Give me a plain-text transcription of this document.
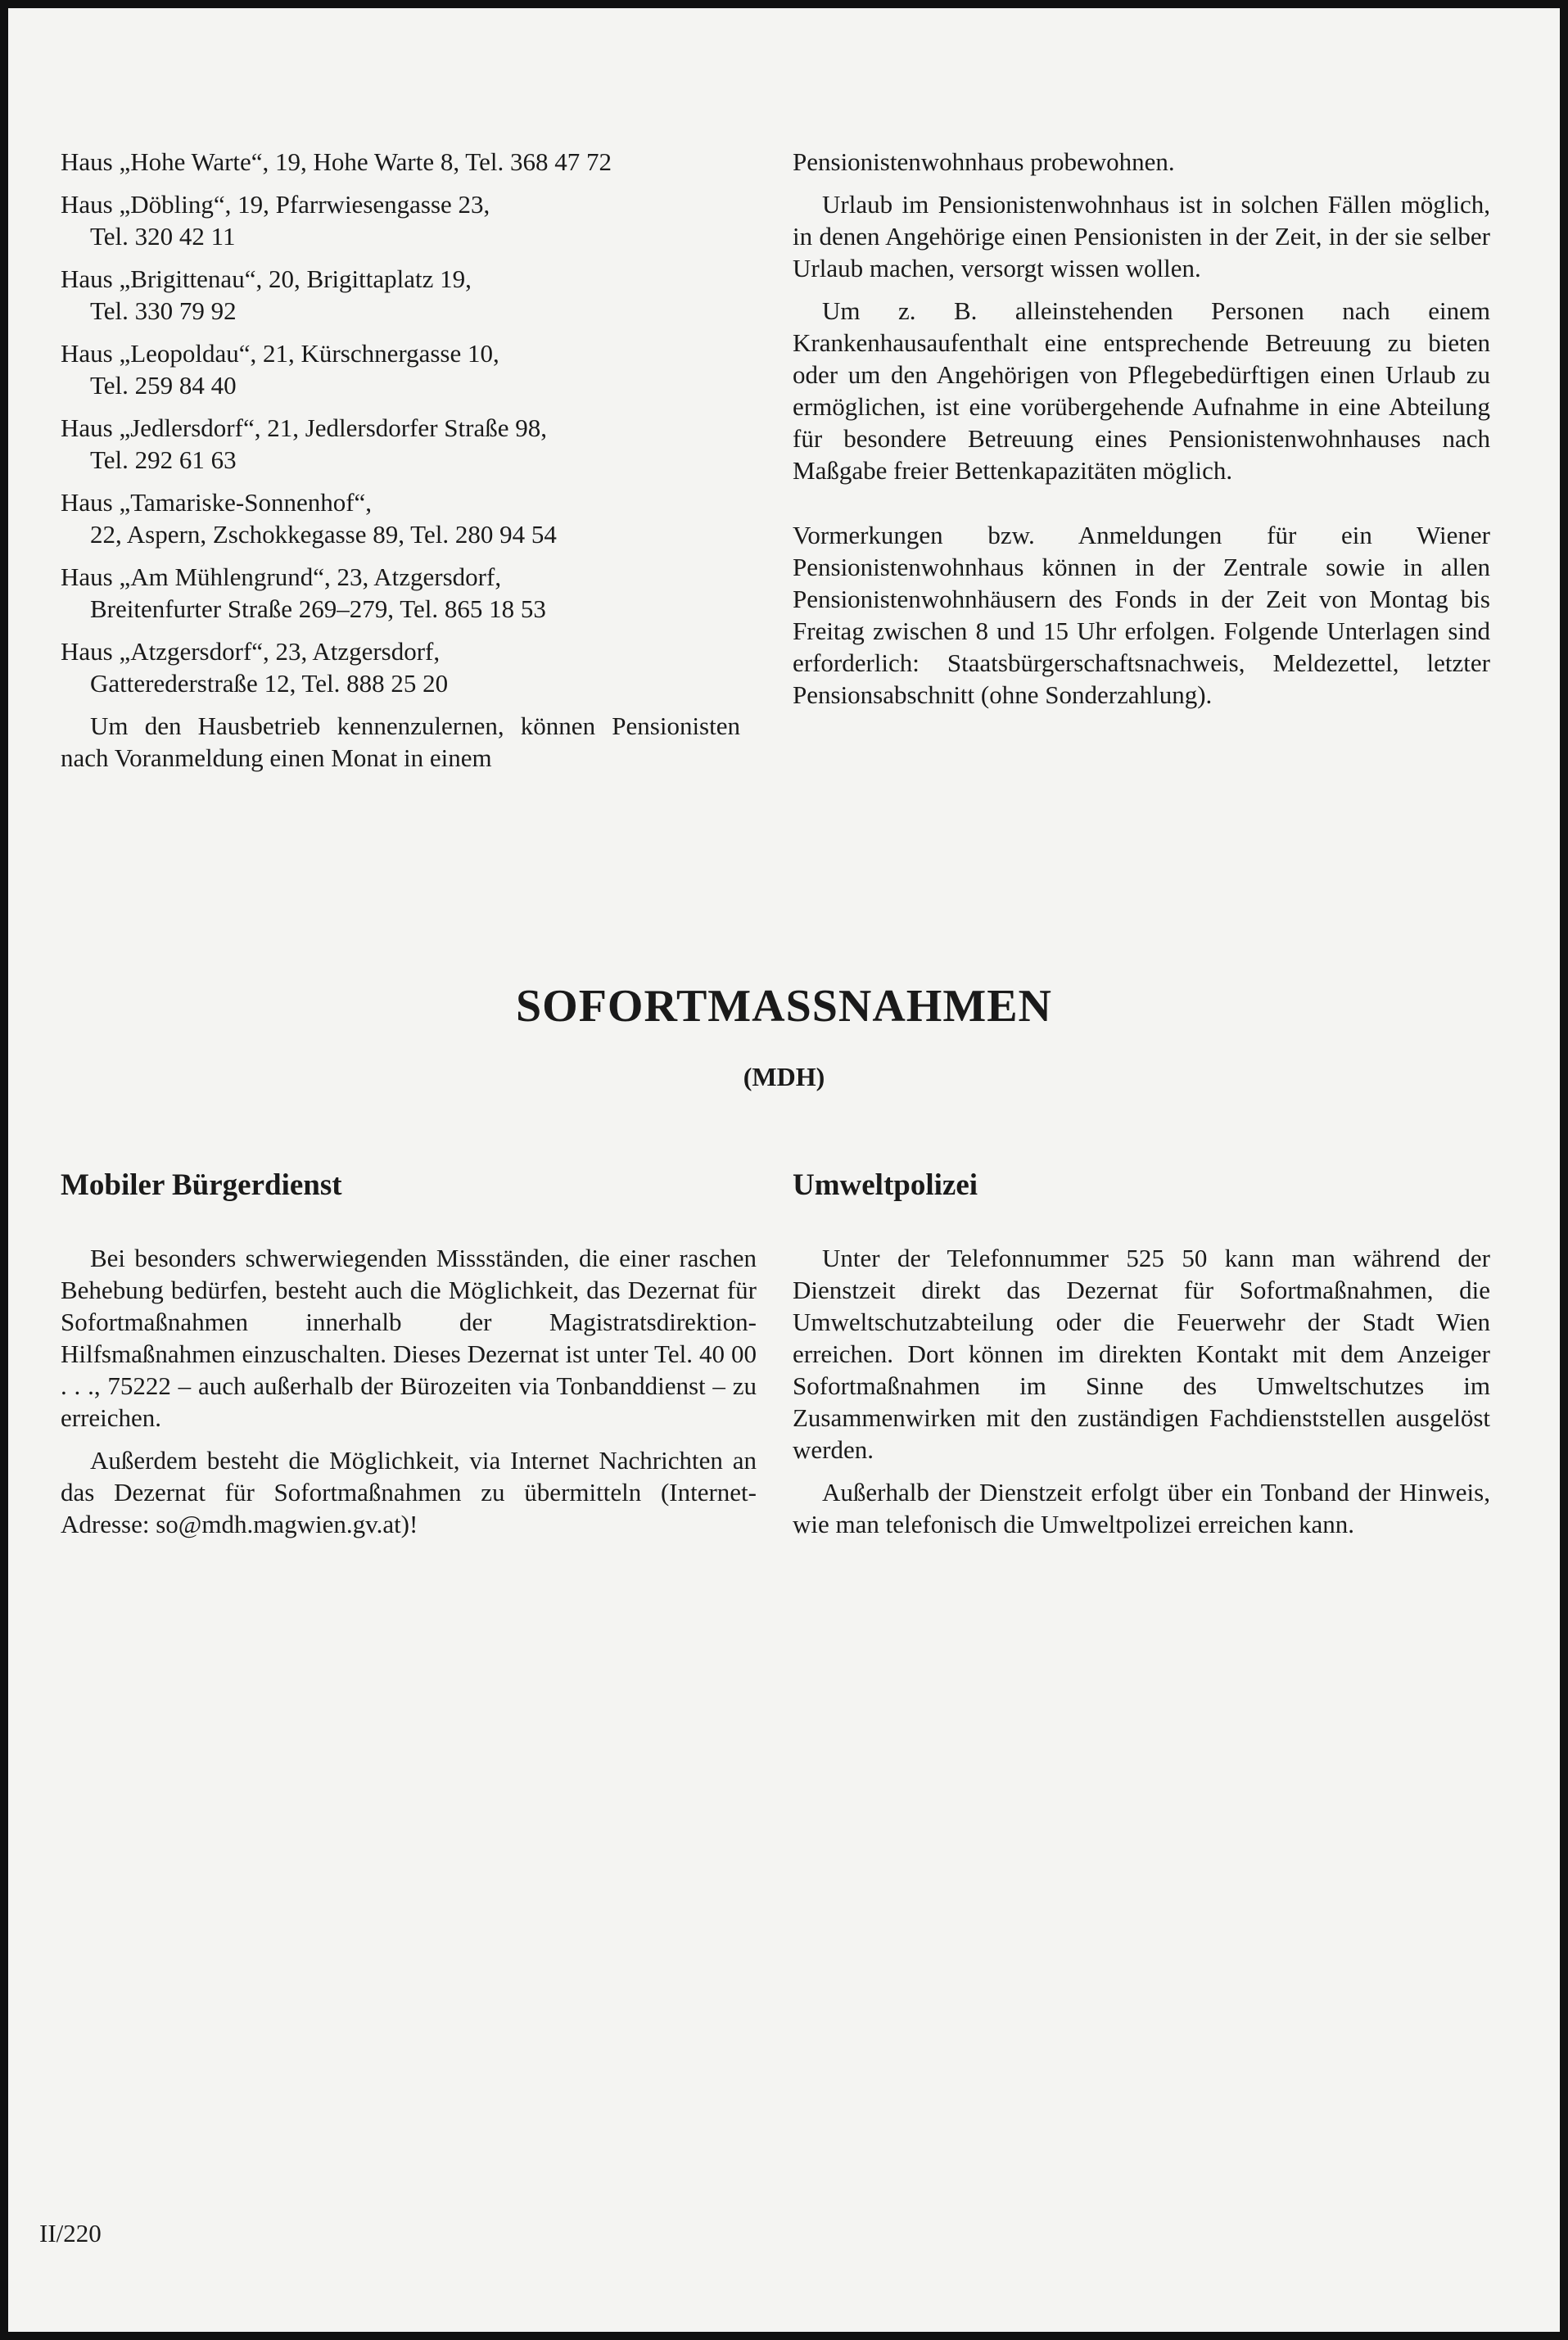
Haus „Hohe Warte“, 19, Hohe Warte 8, Tel. 368 47 72
Haus „Döbling“, 19, Pfarrwiesengasse 23,
Tel. 320 42 11
Haus „Brigittenau“, 20, Brigittaplatz 19,
Tel. 330 79 92
Haus „Leopoldau“, 21, Kürschnergasse 10,
Tel. 259 84 40
Haus „Jedlersdorf“, 21, Jedlersdorfer Straße 98,
Tel. 292 61 63
Haus „Tamariske-Sonnenhof“,
22, Aspern, Zschokkegasse 89, Tel. 280 94 54
Haus „Am Mühlengrund“, 23, Atzgersdorf,
Breitenfurter Straße 269–279, Tel. 865 18 53
Haus „Atzgersdorf“, 23, Atzgersdorf,
Gatterederstraße 12, Tel. 888 25 20

Um den Hausbetrieb kennenzulernen, können Pensionisten nach Voranmeldung einen Monat in einem

Pensionistenwohnhaus probewohnen.

Urlaub im Pensionistenwohnhaus ist in solchen Fällen möglich, in denen Angehörige einen Pensionisten in der Zeit, in der sie selber Urlaub machen, versorgt wissen wollen.

Um z. B. alleinstehenden Personen nach einem Krankenhausaufenthalt eine entsprechende Betreuung zu bieten oder um den Angehörigen von Pflegebedürftigen einen Urlaub zu ermöglichen, ist eine vorübergehende Aufnahme in eine Abteilung für besondere Betreuung eines Pensionistenwohnhauses nach Maßgabe freier Bettenkapazitäten möglich.

Vormerkungen bzw. Anmeldungen für ein Wiener Pensionistenwohnhaus können in der Zentrale sowie in allen Pensionistenwohnhäusern des Fonds in der Zeit von Montag bis Freitag zwischen 8 und 15 Uhr erfolgen. Folgende Unterlagen sind erforderlich: Staatsbürgerschaftsnachweis, Meldezettel, letzter Pensionsabschnitt (ohne Sonderzahlung).

SOFORTMASSNAHMEN
(MDH)
Mobiler Bürgerdienst

Bei besonders schwerwiegenden Missständen, die einer raschen Behebung bedürfen, besteht auch die Möglichkeit, das Dezernat für Sofortmaßnahmen innerhalb der Magistratsdirektion-Hilfsmaßnahmen einzuschalten. Dieses Dezernat ist unter Tel. 40 00 . . ., 75222 – auch außerhalb der Bürozeiten via Tonbanddienst – zu erreichen.

Außerdem besteht die Möglichkeit, via Internet Nachrichten an das Dezernat für Sofortmaßnahmen zu übermitteln (Internet-Adresse: so@mdh.magwien.gv.at)!

Umweltpolizei

Unter der Telefonnummer 525 50 kann man während der Dienstzeit direkt das Dezernat für Sofortmaßnahmen, die Umweltschutzabteilung oder die Feuerwehr der Stadt Wien erreichen. Dort können im direkten Kontakt mit dem Anzeiger Sofortmaßnahmen im Sinne des Umweltschutzes im Zusammenwirken mit den zuständigen Fachdienststellen ausgelöst werden.

Außerhalb der Dienstzeit erfolgt über ein Tonband der Hinweis, wie man telefonisch die Umweltpolizei erreichen kann.

II/220
